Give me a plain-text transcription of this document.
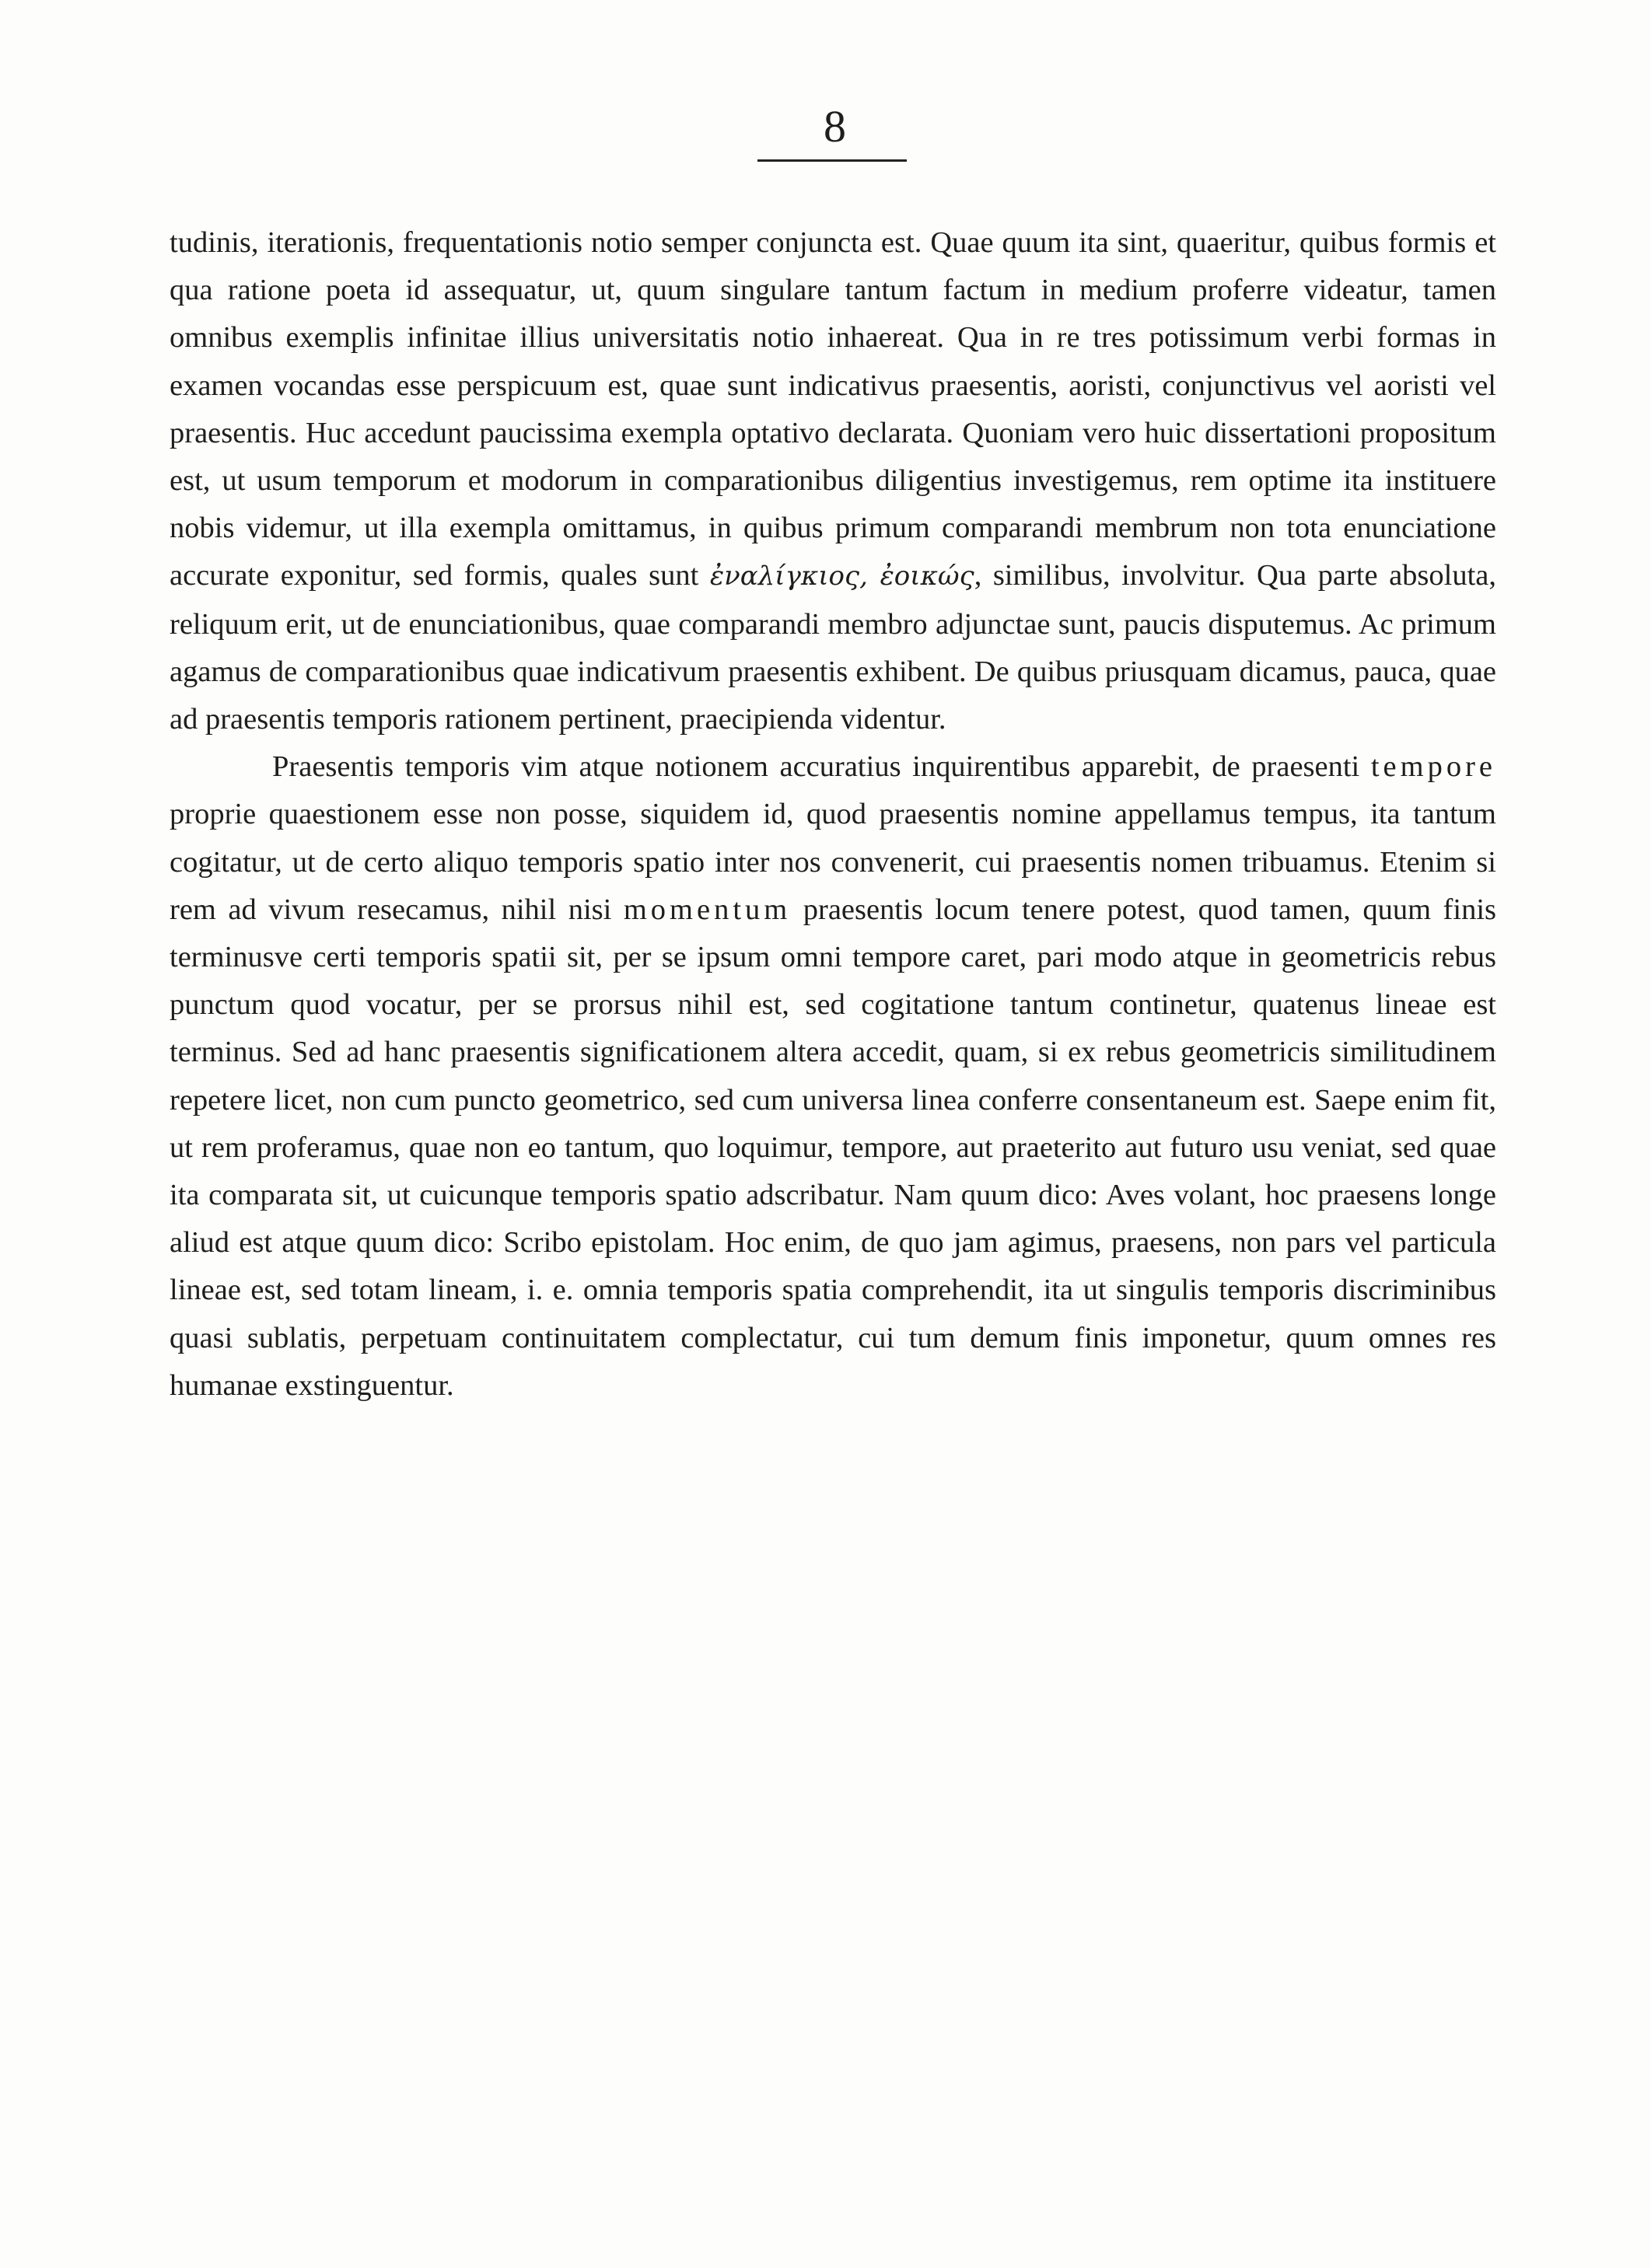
8

tudinis, iterationis, frequentationis notio semper conjuncta est. Quae quum ita sint, quaeritur, quibus formis et qua ratione poeta id assequatur, ut, quum singulare tantum factum in medium proferre videatur, tamen omnibus exemplis infinitae illius universitatis notio inhaereat. Qua in re tres potissimum verbi formas in examen vocandas esse perspicuum est, quae sunt indicativus praesentis, aoristi, conjunctivus vel aoristi vel praesentis. Huc accedunt paucissima exempla optativo declarata. Quoniam vero huic dissertationi propositum est, ut usum temporum et modorum in comparationibus diligentius investigemus, rem optime ita instituere nobis videmur, ut illa exempla omittamus, in quibus primum comparandi membrum non tota enunciatione accurate exponitur, sed formis, quales sunt ἐναλίγκιος, ἐοικώς, similibus, involvitur. Qua parte absoluta, reliquum erit, ut de enunciationibus, quae comparandi membro adjunctae sunt, paucis disputemus. Ac primum agamus de comparationibus quae indicativum praesentis exhibent. De quibus priusquam dicamus, pauca, quae ad praesentis temporis rationem pertinent, praecipienda videntur.

Praesentis temporis vim atque notionem accuratius inquirentibus apparebit, de praesenti tempore proprie quaestionem esse non posse, siquidem id, quod praesentis nomine appellamus tempus, ita tantum cogitatur, ut de certo aliquo temporis spatio inter nos convenerit, cui praesentis nomen tribuamus. Etenim si rem ad vivum resecamus, nihil nisi momentum praesentis locum tenere potest, quod tamen, quum finis terminusve certi temporis spatii sit, per se ipsum omni tempore caret, pari modo atque in geometricis rebus punctum quod vocatur, per se prorsus nihil est, sed cogitatione tantum continetur, quatenus lineae est terminus. Sed ad hanc praesentis significationem altera accedit, quam, si ex rebus geometricis similitudinem repetere licet, non cum puncto geometrico, sed cum universa linea conferre consentaneum est. Saepe enim fit, ut rem proferamus, quae non eo tantum, quo loquimur, tempore, aut praeterito aut futuro usu veniat, sed quae ita comparata sit, ut cuicunque temporis spatio adscribatur. Nam quum dico: Aves volant, hoc praesens longe aliud est atque quum dico: Scribo epistolam. Hoc enim, de quo jam agimus, praesens, non pars vel particula lineae est, sed totam lineam, i. e. omnia temporis spatia comprehendit, ita ut singulis temporis discriminibus quasi sublatis, perpetuam continuitatem complectatur, cui tum demum finis imponetur, quum omnes res humanae exstinguentur.
